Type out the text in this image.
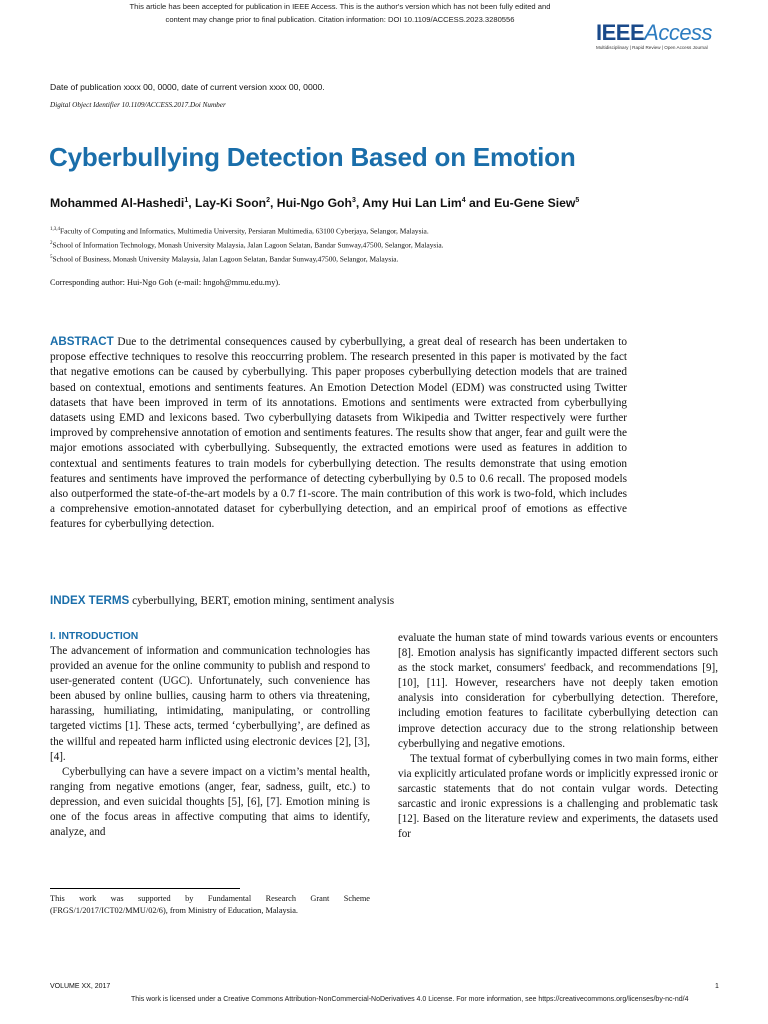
This article has been accepted for publication in IEEE Access. This is the author's version which has not been fully edited and
content may change prior to final publication. Citation information: DOI 10.1109/ACCESS.2023.3280556
IEEEAccess
Multidisciplinary | Rapid Review | Open Access Journal
Date of publication xxxx 00, 0000, date of current version xxxx 00, 0000.
Digital Object Identifier 10.1109/ACCESS.2017.Doi Number
Cyberbullying Detection Based on Emotion
Mohammed Al-Hashedi$^1$, Lay-Ki Soon$^2$, Hui-Ngo Goh$^3$, Amy Hui Lan Lim$^4$ and Eu-Gene Siew$^5$
$^{1,3,4}$Faculty of Computing and Informatics, Multimedia University, Persiaran Multimedia, 63100 Cyberjaya, Selangor, Malaysia.
$^2$School of Information Technology, Monash University Malaysia, Jalan Lagoon Selatan, Bandar Sunway,47500, Selangor, Malaysia.
$^5$School of Business, Monash University Malaysia, Jalan Lagoon Selatan, Bandar Sunway,47500, Selangor, Malaysia.
Corresponding author: Hui-Ngo Goh (e-mail: hngoh@mmu.edu.my).
ABSTRACT Due to the detrimental consequences caused by cyberbullying, a great deal of research has been undertaken to propose effective techniques to resolve this reoccurring problem. The research presented in this paper is motivated by the fact that negative emotions can be caused by cyberbullying. This paper proposes cyberbullying detection models that are trained based on contextual, emotions and sentiments features. An Emotion Detection Model (EDM) was constructed using Twitter datasets that have been improved in term of its annotations. Emotions and sentiments were extracted from cyberbullying datasets using EMD and lexicons based. Two cyberbullying datasets from Wikipedia and Twitter respectively were further improved by comprehensive annotation of emotion and sentiments features. The results show that anger, fear and guilt were the major emotions associated with cyberbullying. Subsequently, the extracted emotions were used as features in addition to contextual and sentiments features to train models for cyberbullying detection. The results demonstrate that using emotion features and sentiments have improved the performance of detecting cyberbullying by 0.5 to 0.6 recall. The proposed models also outperformed the state-of-the-art models by a 0.7 f1-score. The main contribution of this work is two-fold, which includes a comprehensive emotion-annotated dataset for cyberbullying detection, and an empirical proof of emotions as effective features for cyberbullying detection.
INDEX TERMS cyberbullying, BERT, emotion mining, sentiment analysis
I. INTRODUCTION

The advancement of information and communication technologies has provided an avenue for the online community to publish and respond to user-generated content (UGC). Unfortunately, such convenience has been abused by online bullies, causing harm to others via threatening, harassing, humiliating, intimidating, manipulating, or controlling targeted victims [1]. These acts, termed ‘cyberbullying’, are defined as the willful and repeated harm inflicted using electronic devices [2], [3], [4].

Cyberbullying can have a severe impact on a victim’s mental health, ranging from negative emotions (anger, fear, sadness, guilt, etc.) to depression, and even suicidal thoughts [5], [6], [7]. Emotion mining is one of the focus areas in affective computing that aims to identify, analyze, and

evaluate the human state of mind towards various events or encounters [8]. Emotion analysis has significantly impacted different sectors such as the stock market, consumers' feedback, and recommendations [9], [10], [11]. However, researchers have not deeply taken emotion analysis into consideration for cyberbullying detection. Therefore, including emotion features to facilitate cyberbullying detection can improve detection accuracy due to the strong relationship between cyberbullying and negative emotions.

The textual format of cyberbullying comes in two main forms, either via explicitly articulated profane words or implicitly expressed ironic or sarcastic statements that do not contain vulgar words. Detecting sarcastic and ironic expressions is a challenging and problematic task [12]. Based on the literature review and experiments, the datasets used for

This work was supported by Fundamental Research Grant Scheme (FRGS/1/2017/ICT02/MMU/02/6), from Ministry of Education, Malaysia.
VOLUME XX, 2017	1
This work is licensed under a Creative Commons Attribution-NonCommercial-NoDerivatives 4.0 License. For more information, see https://creativecommons.org/licenses/by-nc-nd/4
